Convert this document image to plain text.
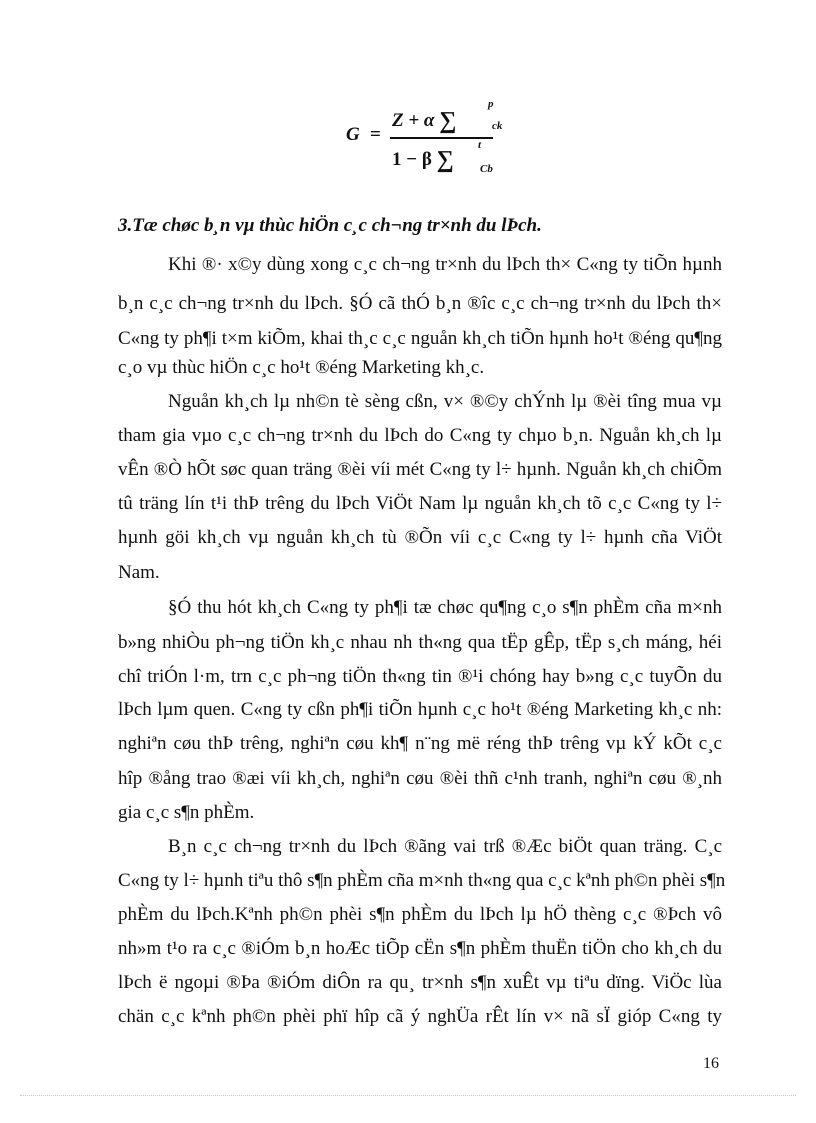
G =
Z + α ∑
p
ck
1 − β ∑
t
Cb
3.Tæ chøc b¸n vµ thùc hiÖn c¸c ch¬ng tr×nh du lÞch.
Khi ®· x©y dùng xong c¸c ch¬ng tr×nh du lÞch th× C«ng ty tiÕn hµnh
b¸n c¸c ch¬ng tr×nh du lÞch. §Ó cã thÓ b¸n ®îc c¸c ch¬ng tr×nh du lÞch th×
C«ng ty ph¶i t×m kiÕm, khai th¸c c¸c nguån kh¸ch tiÕn hµnh ho¹t ®éng qu¶ng
c¸o vµ thùc hiÖn c¸c ho¹t ®éng Marketing kh¸c.
Nguån kh¸ch lµ nh©n tè sèng cßn, v× ®©y chÝnh lµ ®èi tîng mua vµ
tham gia vµo c¸c ch¬ng tr×nh du lÞch do C«ng ty chµo b¸n. Nguån kh¸ch lµ
vÊn ®Ò hÕt søc quan träng ®èi víi mét C«ng ty l÷ hµnh. Nguån kh¸ch chiÕm
tû träng lín t¹i thÞ trêng du lÞch ViÖt Nam lµ nguån kh¸ch tõ c¸c C«ng ty l÷
hµnh göi kh¸ch vµ nguån kh¸ch tù ®Õn víi c¸c C«ng ty l÷ hµnh cña ViÖt
Nam.
§Ó thu hót kh¸ch C«ng ty ph¶i tæ chøc qu¶ng c¸o s¶n phÈm cña m×nh
b»ng nhiÒu ph¬ng tiÖn kh¸c nhau nh th«ng qua tËp gÊp, tËp s¸ch máng, héi
chî triÓn l·m, trn c¸c ph¬ng tiÖn th«ng tin ®¹i chóng hay b»ng c¸c tuyÕn du
lÞch lµm quen. C«ng ty cßn ph¶i tiÕn hµnh c¸c ho¹t ®éng Marketing kh¸c nh:
nghiªn cøu thÞ trêng, nghiªn cøu kh¶ n¨ng më réng thÞ trêng vµ kÝ kÕt c¸c
hîp ®ång trao ®æi víi kh¸ch, nghiªn cøu ®èi thñ c¹nh tranh, nghiªn cøu ®¸nh
gia c¸c s¶n phÈm.
B¸n c¸c ch¬ng tr×nh du lÞch ®ãng vai trß ®Æc biÖt quan träng. C¸c
C«ng ty l÷ hµnh tiªu thô s¶n phÈm cña m×nh th«ng qua c¸c kªnh ph©n phèi s¶n
phÈm du lÞch.Kªnh ph©n phèi s¶n phÈm du lÞch lµ hÖ thèng c¸c ®Þch vô
nh»m t¹o ra c¸c ®iÓm b¸n hoÆc tiÕp cËn s¶n phÈm thuËn tiÖn cho kh¸ch du
lÞch ë ngoµi ®Þa ®iÓm diÔn ra qu¸ tr×nh s¶n xuÊt vµ tiªu dïng. ViÖc lùa
chän c¸c kªnh ph©n phèi phï hîp cã ý nghÜa rÊt lín v× nã sÏ gióp C«ng ty
16
